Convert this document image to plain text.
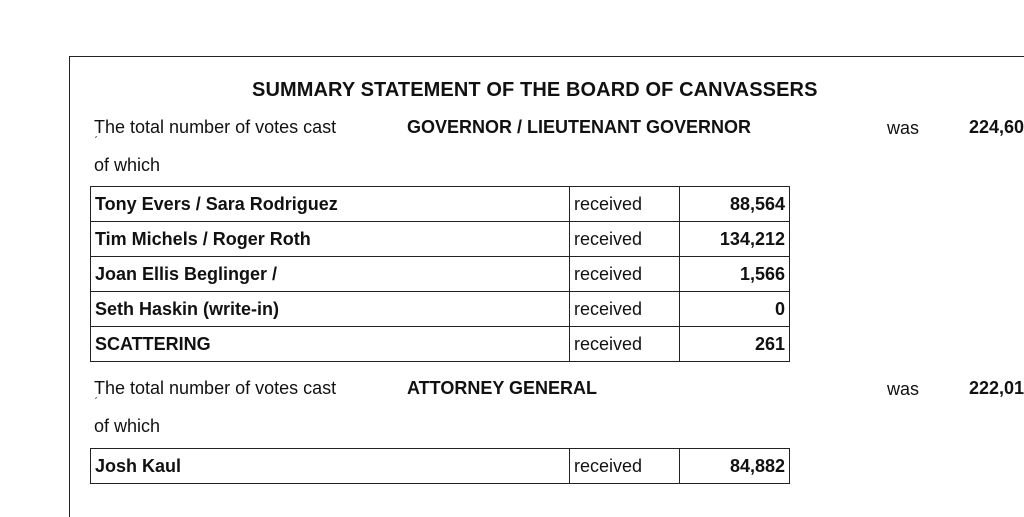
SUMMARY STATEMENT OF THE BOARD OF CANVASSERS
The total number of votes cast
ˊ
GOVERNOR / LIEUTENANT GOVERNOR	was	224,60
of which
Tony Evers / Sara Rodriguez	received	88,564
Tim Michels / Roger Roth	received	134,212
Joan Ellis Beglinger /	received	1,566
Seth Haskin (write-in)	received	0
SCATTERING	received	261
The total number of votes cast
ˊ
ATTORNEY GENERAL	was	222,01
of which
Josh Kaul	received	84,882
